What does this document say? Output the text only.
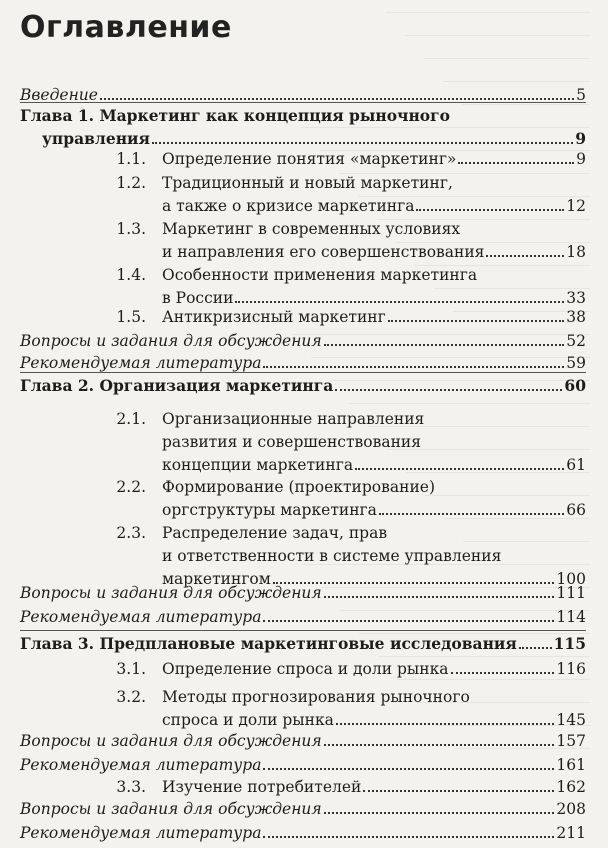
Оглавление
Введение	5
Глава 1. Маркетинг как концепция рыночного
управления	9
1.1. Определение понятия «маркетинг»	9
1.2. Традиционный и новый маркетинг,
а также о кризисе маркетинга	12
1.3. Маркетинг в современных условиях
и направления его совершенствования	18
1.4. Особенности применения маркетинга
в России	33
1.5. Антикризисный маркетинг	38
Вопросы и задания для обсуждения	52
Рекомендуемая литература	59
Глава 2. Организация маркетинга	60
2.1. Организационные направления
развития и совершенствования
концепции маркетинга	61
2.2. Формирование (проектирование)
оргструктуры маркетинга	66
2.3. Распределение задач, прав
и ответственности в системе управления
маркетингом	100
Вопросы и задания для обсуждения	111
Рекомендуемая литература	114
Глава 3. Предплановые маркетинговые исследования 115
3.1. Определение спроса и доли рынка	116
3.2. Методы прогнозирования рыночного
спроса и доли рынка	145
Вопросы и задания для обсуждения	157
Рекомендуемая литература	161
3.3. Изучение потребителей	162
Вопросы и задания для обсуждения	208
Рекомендуемая литература	211
